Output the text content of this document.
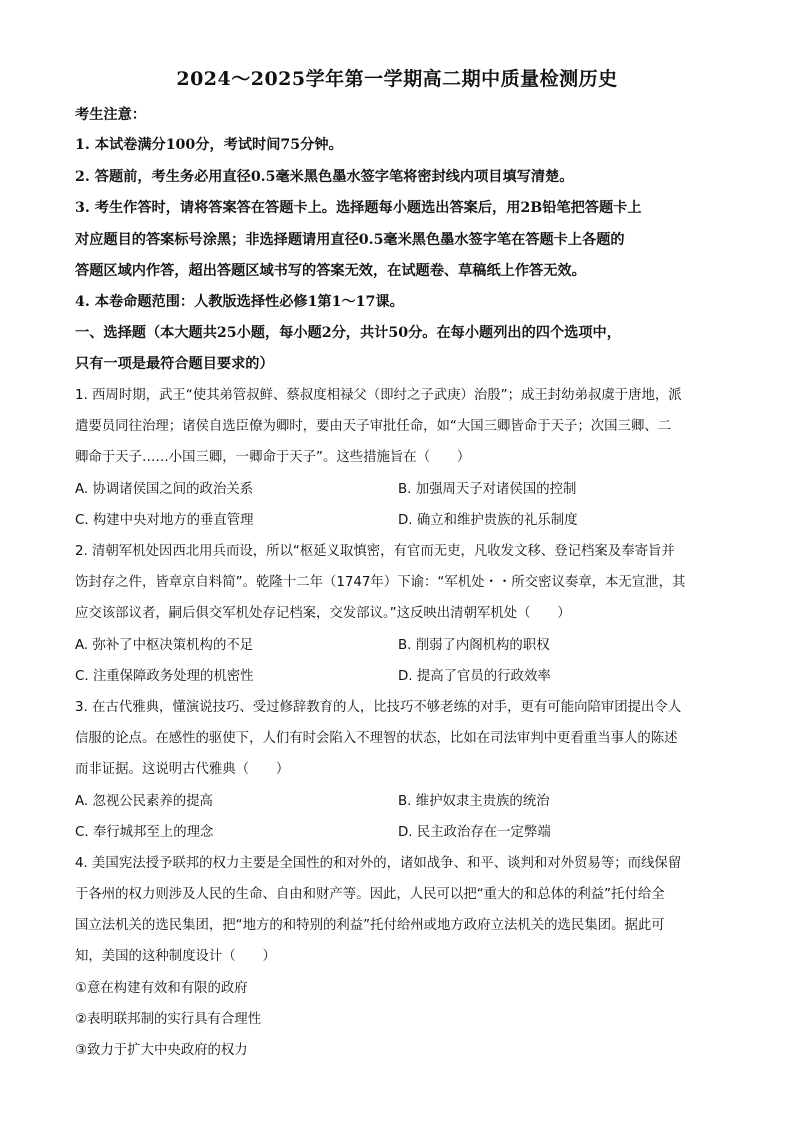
2024～2025学年第一学期高二期中质量检测历史
考生注意：
1. 本试卷满分100分，考试时间75分钟。
2. 答题前，考生务必用直径0.5毫米黑色墨水签字笔将密封线内项目填写清楚。
3. 考生作答时，请将答案答在答题卡上。选择题每小题选出答案后，用2B铅笔把答题卡上
对应题目的答案标号涂黑；非选择题请用直径0.5毫米黑色墨水签字笔在答题卡上各题的
答题区域内作答，超出答题区域书写的答案无效，在试题卷、草稿纸上作答无效。
4. 本卷命题范围：人教版选择性必修1第1～17课。
一、选择题（本大题共25小题，每小题2分，共计50分。在每小题列出的四个选项中，
只有一项是最符合题目要求的）
1. 西周时期，武王“使其弟管叔鲜、蔡叔度相禄父（即纣之子武庚）治殷”；成王封幼弟叔虞于唐地，派
遣要员同往治理；诸侯自选臣僚为卿时，要由天子审批任命，如“大国三卿皆命于天子；次国三卿、二
卿命于天子……小国三卿，一卿命于天子”。这些措施旨在（　　）
A. 协调诸侯国之间的政治关系	B. 加强周天子对诸侯国的控制
C. 构建中央对地方的垂直管理	D. 确立和维护贵族的礼乐制度
2. 清朝军机处因西北用兵而设，所以“枢延义取慎密，有官而无吏，凡收发文移、登记档案及奉寄旨并
饬封存之件，皆章京自料简”。乾隆十二年（1747年）下谕：“军机处・・所交密议奏章，本无宣泄，其
应交该部议者，嗣后俱交军机处存记档案，交发部议。”这反映出清朝军机处（　　）
A. 弥补了中枢决策机构的不足	B. 削弱了内阁机构的职权
C. 注重保障政务处理的机密性	D. 提高了官员的行政效率
3. 在古代雅典，懂演说技巧、受过修辞教育的人，比技巧不够老练的对手，更有可能向陪审团提出令人
信服的论点。在感性的驱使下，人们有时会陷入不理智的状态，比如在司法审判中更看重当事人的陈述
而非证据。这说明古代雅典（　　）
A. 忽视公民素养的提高	B. 维护奴隶主贵族的统治
C. 奉行城邦至上的理念	D. 民主政治存在一定弊端
4. 美国宪法授予联邦的权力主要是全国性的和对外的，诸如战争、和平、谈判和对外贸易等；而线保留
于各州的权力则涉及人民的生命、自由和财产等。因此，人民可以把“重大的和总体的利益”托付给全
国立法机关的选民集团，把“地方的和特别的利益”托付给州或地方政府立法机关的选民集团。据此可
知，美国的这种制度设计（　　）
①意在构建有效和有限的政府
②表明联邦制的实行具有合理性
③致力于扩大中央政府的权力
